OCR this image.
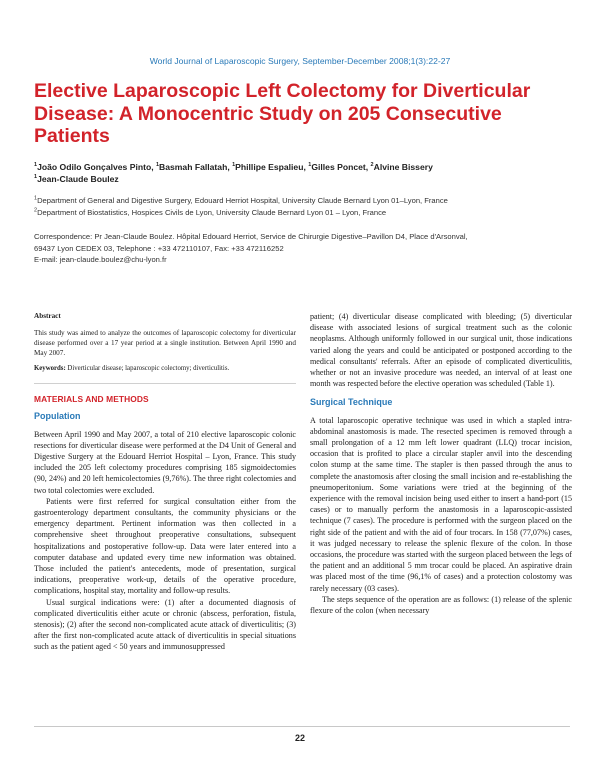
World Journal of Laparoscopic Surgery, September-December 2008;1(3):22-27
Elective Laparoscopic Left Colectomy for Diverticular Disease: A Monocentric Study on 205 Consecutive Patients
$^1$João Odilo Gonçalves Pinto, $^1$Basmah Fallatah, $^1$Phillipe Espalieu, $^1$Gilles Poncet, $^2$Alvine Bissery
$^1$Jean-Claude Boulez
$^1$Department of General and Digestive Surgery, Edouard Herriot Hospital, University Claude Bernard Lyon 01–Lyon, France
$^2$Department of Biostatistics, Hospices Civils de Lyon, University Claude Bernard Lyon 01 – Lyon, France
Correspondence: Pr Jean-Claude Boulez. Hôpital Edouard Herriot, Service de Chirurgie Digestive–Pavillon D4, Place d'Arsonval,
69437 Lyon CEDEX 03, Telephone : +33 472110107, Fax: +33 472116252
E-mail: jean-claude.boulez@chu-lyon.fr

Abstract

This study was aimed to analyze the outcomes of laparoscopic colectomy for diverticular disease performed over a 17 year period at a single institution. Between April 1990 and May 2007.

Keywords: Diverticular disease; laparoscopic colectomy; diverticulitis.

MATERIALS AND METHODS

Population

Between April 1990 and May 2007, a total of 210 elective laparoscopic colonic resections for diverticular disease were performed at the D4 Unit of General and Digestive Surgery at the Edouard Herriot Hospital – Lyon, France. This study included the 205 left colectomy procedures comprising 185 sigmoidectomies (90, 24%) and 20 left hemicolectomies (9,76%). The three right colectomies and two total colectomies were excluded.

Patients were first referred for surgical consultation either from the gastroenterology department consultants, the community physicians or the emergency department. Pertinent information was then collected in a comprehensive sheet throughout preoperative consultations, subsequent hospitalizations and postoperative follow-up. Data were later entered into a computer database and updated every time new information was obtained. Those included the patient's antecedents, mode of presentation, surgical indications, preoperative work-up, details of the operative procedure, complications, hospital stay, mortality and follow-up results.

Usual surgical indications were: (1) after a documented diagnosis of complicated diverticulitis either acute or chronic (abscess, perforation, fistula, stenosis); (2) after the second non-complicated acute attack of diverticulitis; (3) after the first non-complicated acute attack of diverticulitis in special situations such as the patient aged < 50 years and immunosuppressed

patient; (4) diverticular disease complicated with bleeding; (5) diverticular disease with associated lesions of surgical treatment such as the colonic neoplasms. Although uniformly followed in our surgical unit, those indications varied along the years and could be anticipated or postponed according to the medical consultants' referrals. After an episode of complicated diverticulitis, whether or not an invasive procedure was needed, an interval of at least one month was respected before the elective operation was scheduled (Table 1).

Surgical Technique

A total laparoscopic operative technique was used in which a stapled intra-abdominal anastomosis is made. The resected specimen is removed through a small prolongation of a 12 mm left lower quadrant (LLQ) trocar incision, occasion that is profited to place a circular stapler anvil into the descending colon stump at the same time. The stapler is then passed through the anus to complete the anastomosis after closing the small incision and re-establishing the pneumoperitonium. Some variations were tried at the beginning of the experience with the removal incision being used either to insert a hand-port (15 cases) or to manually perform the anastomosis in a laparoscopic-assisted technique (7 cases). The procedure is performed with the surgeon placed on the right side of the patient and with the aid of four trocars. In 158 (77,07%) cases, it was judged necessary to release the splenic flexure of the colon. In those occasions, the procedure was started with the surgeon placed between the legs of the patient and an additional 5 mm trocar could be placed. An aspirative drain was placed most of the time (96,1% of cases) and a protection colostomy was rarely necessary (03 cases).

The steps sequence of the operation are as follows: (1) release of the splenic flexure of the colon (when necessary

22
